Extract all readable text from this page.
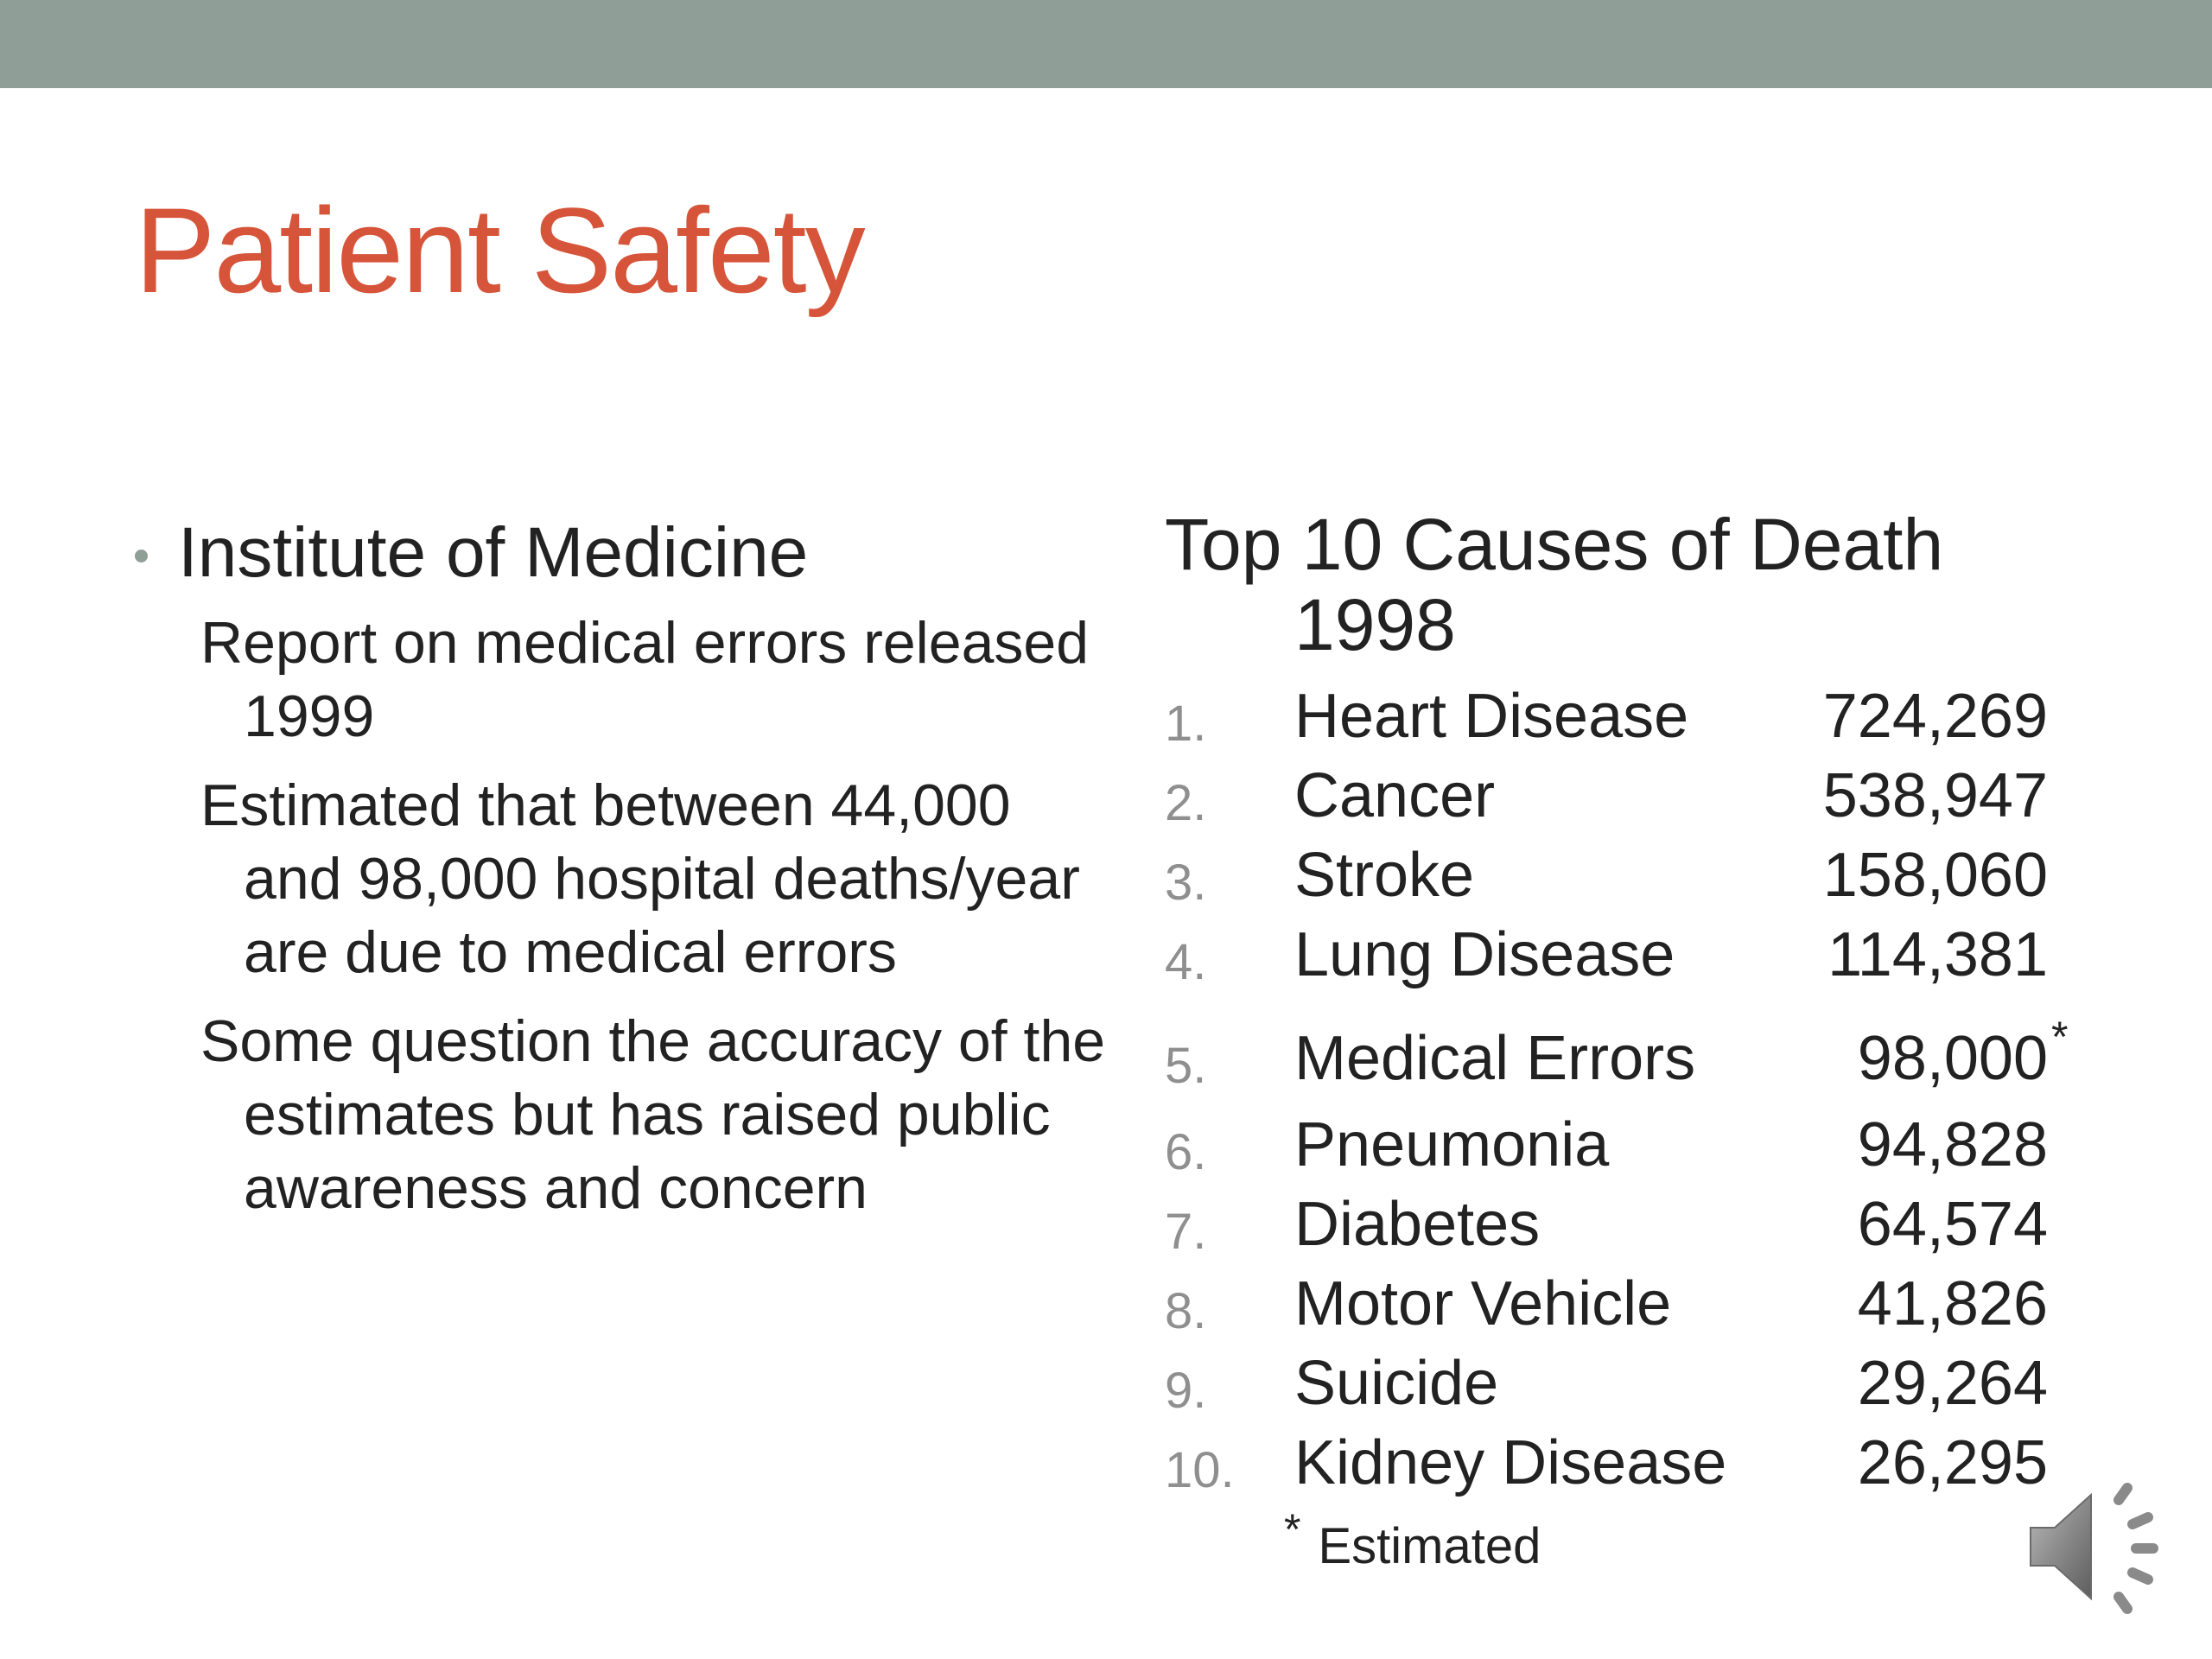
Patient Safety
Institute of Medicine
Report on medical errors released 1999
Estimated that between 44,000 and 98,000 hospital deaths/year are due to medical errors
Some question the accuracy of the estimates but has raised public awareness and concern
Top 10 Causes of Death
1998
1. Heart Disease 724,269
2. Cancer	538,947
3. Stroke	158,060
4. Lung Disease 114,381
5. Medical Errors	98,000 *
6. Pneumonia	94,828
7. Diabetes	64,574
8. Motor Vehicle	41,826
9. Suicide	29,264
10. Kidney Disease 26,295
* Estimated
